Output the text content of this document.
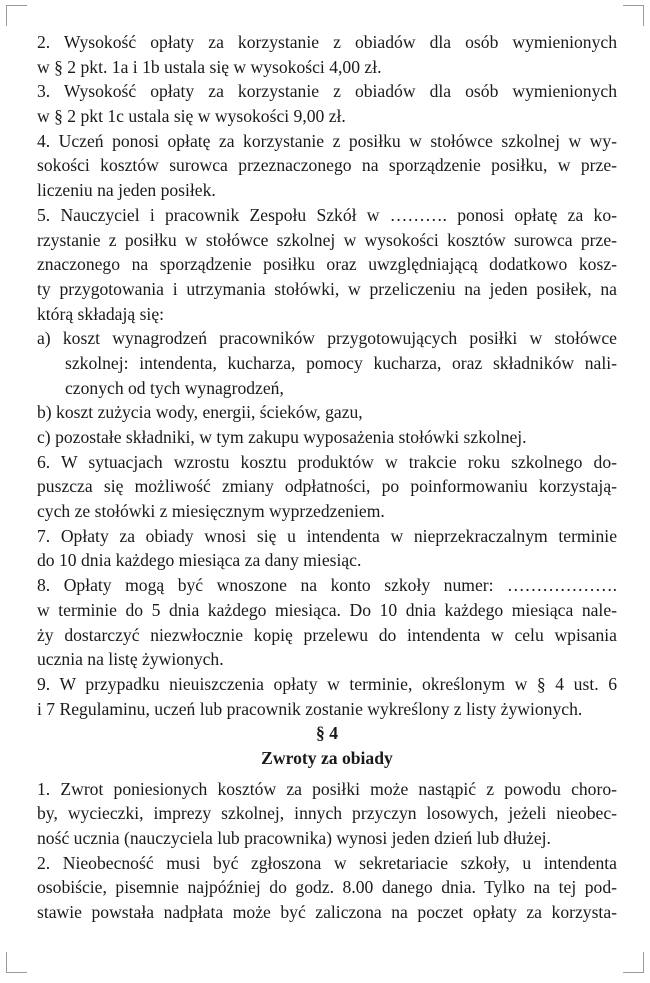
2. Wysokość opłaty za korzystanie z obiadów dla osób wymienionych
w § 2 pkt. 1a i 1b ustala się w wysokości 4,00 zł.
3. Wysokość opłaty za korzystanie z obiadów dla osób wymienionych
w § 2 pkt 1c ustala się w wysokości 9,00 zł.
4. Uczeń ponosi opłatę za korzystanie z posiłku w stołówce szkolnej w wy-
sokości kosztów surowca przeznaczonego na sporządzenie posiłku, w prze-
liczeniu na jeden posiłek.
5. Nauczyciel i pracownik Zespołu Szkół w ………. ponosi opłatę za ko-
rzystanie z posiłku w stołówce szkolnej w wysokości kosztów surowca prze-
znaczonego na sporządzenie posiłku oraz uwzględniającą dodatkowo kosz-
ty przygotowania i utrzymania stołówki, w przeliczeniu na jeden posiłek, na
którą składają się:
a) koszt wynagrodzeń pracowników przygotowujących posiłki w stołówce
szkolnej: intendenta, kucharza, pomocy kucharza, oraz składników nali-
czonych od tych wynagrodzeń,
b) koszt zużycia wody, energii, ścieków, gazu,
c) pozostałe składniki, w tym zakupu wyposażenia stołówki szkolnej.
6. W sytuacjach wzrostu kosztu produktów w trakcie roku szkolnego do-
puszcza się możliwość zmiany odpłatności, po poinformowaniu korzystają-
cych ze stołówki z miesięcznym wyprzedzeniem.
7. Opłaty za obiady wnosi się u intendenta w nieprzekraczalnym terminie
do 10 dnia każdego miesiąca za dany miesiąc.
8. Opłaty mogą być wnoszone na konto szkoły numer: ……………….
w terminie do 5 dnia każdego miesiąca. Do 10 dnia każdego miesiąca nale-
ży dostarczyć niezwłocznie kopię przelewu do intendenta w celu wpisania
ucznia na listę żywionych.
9. W przypadku nieuiszczenia opłaty w terminie, określonym w § 4 ust. 6
i 7 Regulaminu, uczeń lub pracownik zostanie wykreślony z listy żywionych.
§ 4
Zwroty za obiady
1. Zwrot poniesionych kosztów za posiłki może nastąpić z powodu choro-
by, wycieczki, imprezy szkolnej, innych przyczyn losowych, jeżeli nieobec-
ność ucznia (nauczyciela lub pracownika) wynosi jeden dzień lub dłużej.
2. Nieobecność musi być zgłoszona w sekretariacie szkoły, u intendenta
osobiście, pisemnie najpóźniej do godz. 8.00 danego dnia. Tylko na tej pod-
stawie powstała nadpłata może być zaliczona na poczet opłaty za korzysta-
